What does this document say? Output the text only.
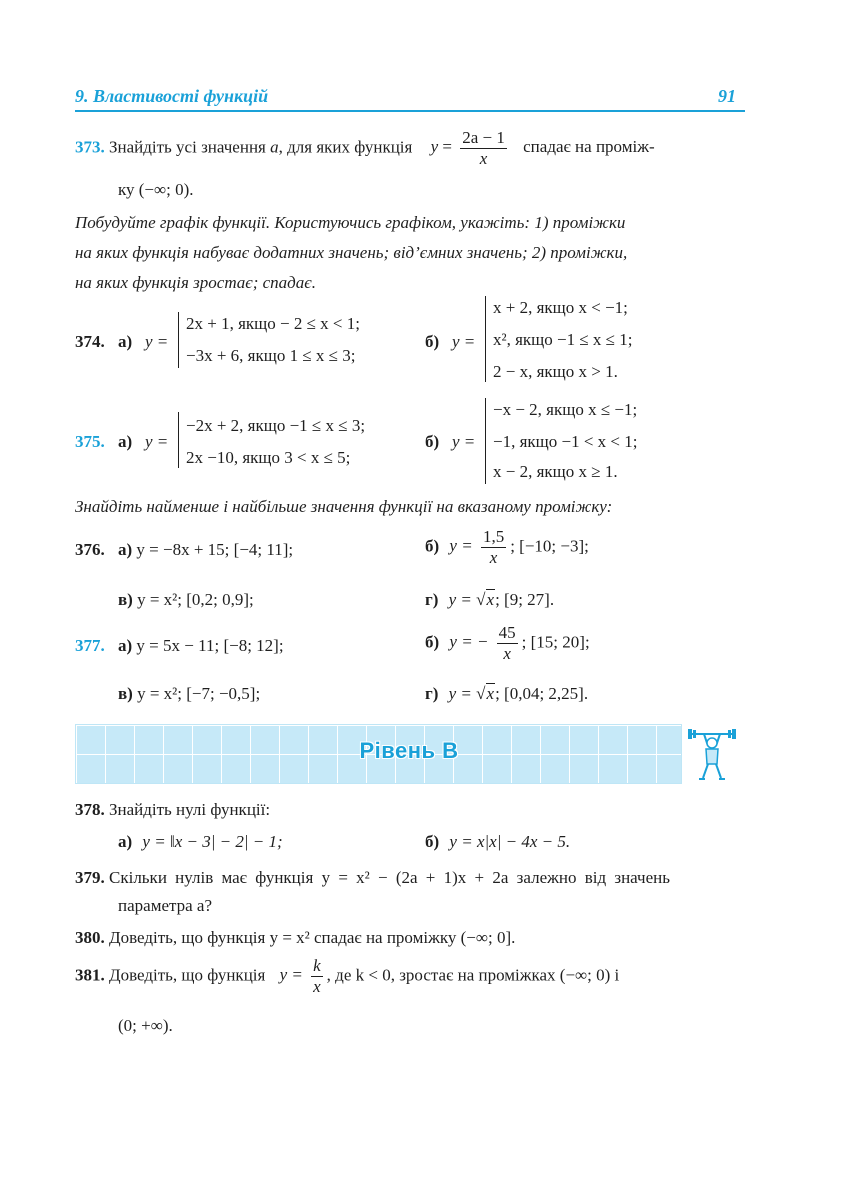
9. Властивості функцій	91
373. Знайдіть усі значення a, для яких функція $y = \frac{2a - 1}{x}$ спадає на проміж-
ку (−∞; 0).
Побудуйте графік функції. Користуючись графіком, укажіть: 1) проміжки
на яких функція набуває додатних значень; від’ємних значень; 2) проміжки,
на яких функція зростає; спадає.
374. а) y =
2x + 1, якщо − 2 ≤ x < 1;
−3x + 6, якщо 1 ≤ x ≤ 3;
б) y =
x + 2, якщо x < −1;
x², якщо −1 ≤ x ≤ 1;
2 − x, якщо x > 1.
375. а) y =
−2x + 2, якщо −1 ≤ x ≤ 3;
2x −10, якщо 3 < x ≤ 5;
б) y =
−x − 2, якщо x ≤ −1;
−1, якщо −1 < x < 1;
x − 2, якщо x ≥ 1.
Знайдіть найменше і найбільше значення функції на вказаному проміжку:
376. а) y = −8x + 15; [−4; 11];	б) $y = \frac{1,5}{x}$ ; [−10; −3];
в) y = x²; [0,2; 0,9];	г) y = √x; [9; 27].
377. а) y = 5x − 11; [−8; 12];	б) y = − $\frac{45}{x}$ ; [15; 20];
в) y = x²; [−7; −0,5];	г) y = √x; [0,04; 2,25].
Рівень В
378. Знайдіть нулі функції:
а) y = ‖x − 3| − 2| − 1;	б) y = x|x| − 4x − 5.
379. Скільки нулів має функція y = x² − (2a + 1)x + 2a залежно від значень
параметра a?
380. Доведіть, що функція y = x² спадає на проміжку (−∞; 0].
381. Доведіть, що функція $y = \frac{k}{x}$ , де k < 0, зростає на проміжках (−∞; 0) і
(0; +∞).
